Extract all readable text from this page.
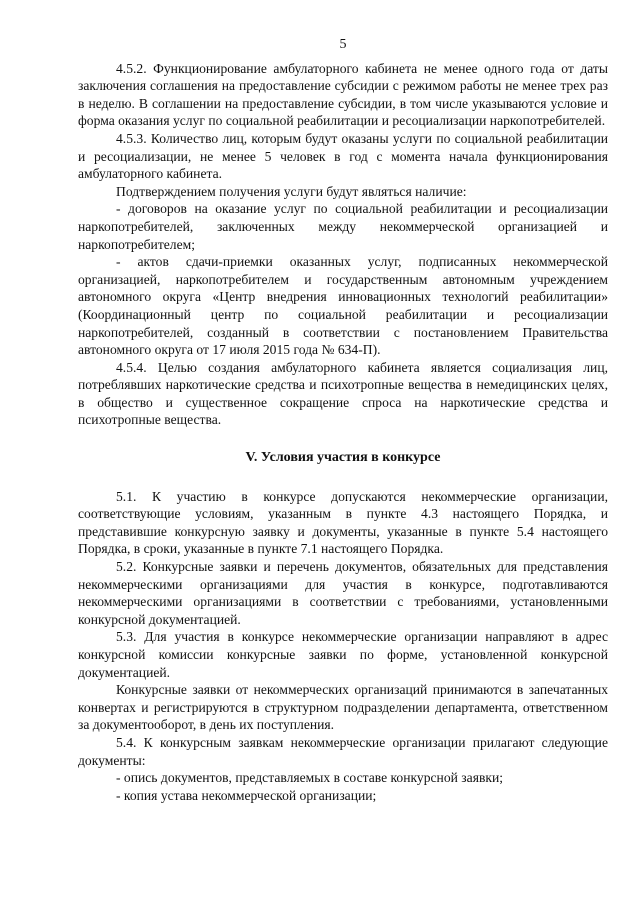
5

4.5.2. Функционирование амбулаторного кабинета не менее одного года от даты заключения соглашения на предоставление субсидии с режимом работы не менее трех раз в неделю. В соглашении на предоставление субсидии, в том числе указываются условие и форма оказания услуг по социальной реабилитации и ресоциализации наркопотребителей.

4.5.3. Количество лиц, которым будут оказаны услуги по социальной реабилитации и ресоциализации, не менее 5 человек в год с момента начала функционирования амбулаторного кабинета.

Подтверждением получения услуги будут являться наличие:

- договоров на оказание услуг по социальной реабилитации и ресоциализации наркопотребителей, заключенных между некоммерческой организацией и наркопотребителем;

- актов сдачи-приемки оказанных услуг, подписанных некоммерческой организацией, наркопотребителем и государственным автономным учреждением автономного округа «Центр внедрения инновационных технологий реабилитации» (Координационный центр по социальной реабилитации и ресоциализации наркопотребителей, созданный в соответствии с постановлением Правительства автономного округа от 17 июля 2015 года № 634-П).

4.5.4. Целью создания амбулаторного кабинета является социализация лиц, потреблявших наркотические средства и психотропные вещества в немедицинских целях, в общество и существенное сокращение спроса на наркотические средства и психотропные вещества.

V. Условия участия в конкурсе

5.1. К участию в конкурсе допускаются некоммерческие организации, соответствующие условиям, указанным в пункте 4.3 настоящего Порядка, и представившие конкурсную заявку и документы, указанные в пункте 5.4 настоящего Порядка, в сроки, указанные в пункте 7.1 настоящего Порядка.

5.2. Конкурсные заявки и перечень документов, обязательных для представления некоммерческими организациями для участия в конкурсе, подготавливаются некоммерческими организациями в соответствии с требованиями, установленными конкурсной документацией.

5.3. Для участия в конкурсе некоммерческие организации направляют в адрес конкурсной комиссии конкурсные заявки по форме, установленной конкурсной документацией.

Конкурсные заявки от некоммерческих организаций принимаются в запечатанных конвертах и регистрируются в структурном подразделении департамента, ответственном за документооборот, в день их поступления.

5.4. К конкурсным заявкам некоммерческие организации прилагают следующие документы:

- опись документов, представляемых в составе конкурсной заявки;

- копия устава некоммерческой организации;
